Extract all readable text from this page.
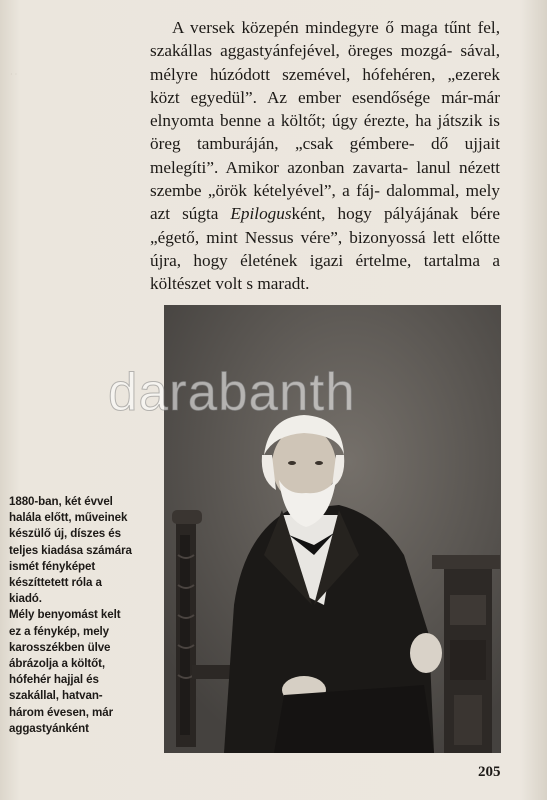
· ·

A versek közepén mindegyre ő maga tűnt fel, szakállas aggastyánfejével, öreges mozgá- sával, mélyre húzódott szemével, hófehéren, „ezerek közt egyedül”. Az ember esendősége már-már elnyomta benne a költőt; úgy érezte, ha játszik is öreg tamburáján, „csak gémbere- dő ujjait melegíti”. Amikor azonban zavarta- lanul nézett szembe „örök kételyével”, a fáj- dalommal, mely azt súgta Epilogusként, hogy pályájának bére „égető, mint Nessus vére”, bizonyossá lett előtte újra, hogy életének igazi értelme, tartalma a költészet volt s maradt.

1880-ban, két évvel
halála előtt, műveinek
készülő új, díszes és
teljes kiadása számára
ismét fényképet
készíttetett róla a
kiadó.
Mély benyomást kelt
ez a fénykép, mely
karosszékben ülve
ábrázolja a költőt,
hófehér hajjal és
szakállal, hatvan-
három évesen, már
aggastyánként

205
darabanth
